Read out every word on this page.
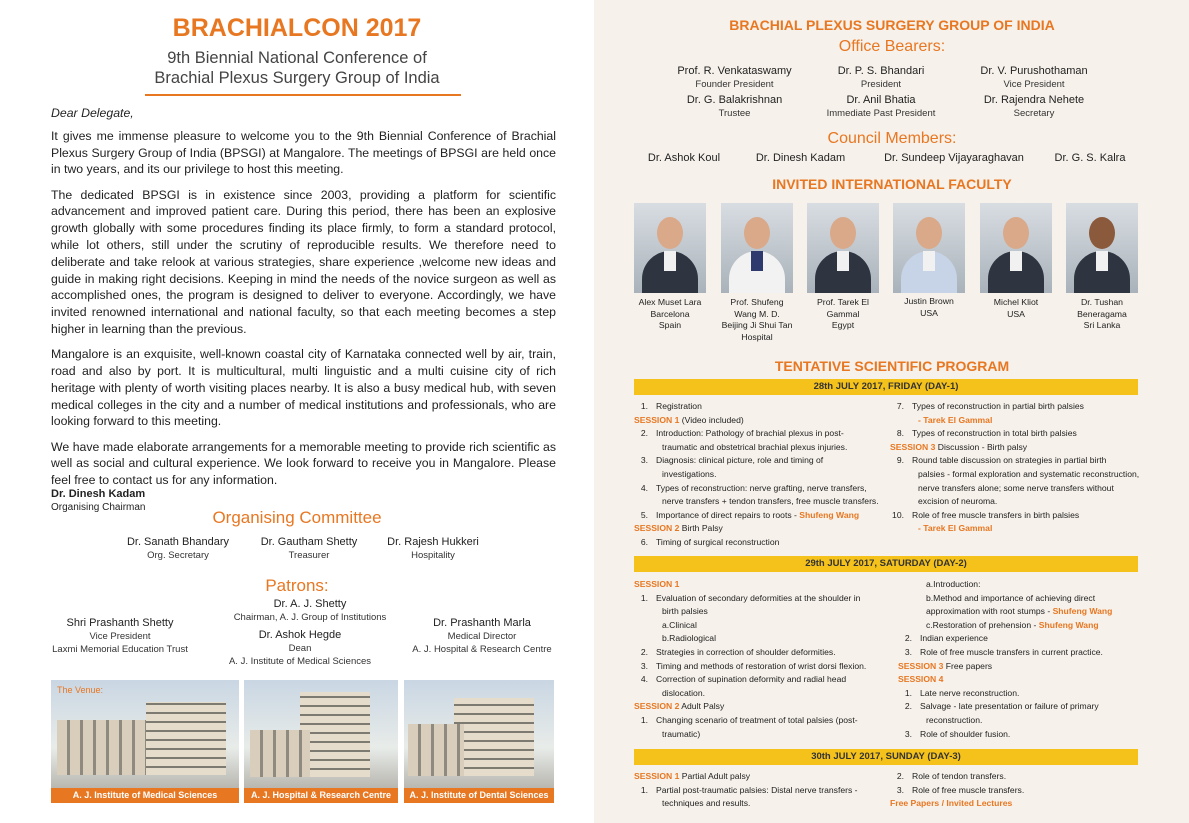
BRACHIALCON 2017
9th Biennial National Conference of
Brachial Plexus Surgery Group of India

Dear Delegate,

It gives me immense pleasure to welcome you to the 9th Biennial Conference of Brachial Plexus Surgery Group of India (BPSGI) at Mangalore. The meetings of BPSGI are held once in two years, and its our privilege to host this meeting.

The dedicated BPSGI is in existence since 2003, providing a platform for scientific advancement and improved patient care. During this period, there has been an explosive growth globally with some procedures finding its place firmly, to form a standard protocol, while lot others, still under the scrutiny of reproducible results. We therefore need to deliberate and take relook at various strategies, share experience ,welcome new ideas and guide in making right decisions. Keeping in mind the needs of the novice surgeon as well as accomplished ones, the program is designed to deliver to everyone. Accordingly, we have invited renowned international and national faculty, so that each meeting becomes a step higher in learning than the previous.

Mangalore is an exquisite, well-known coastal city of Karnataka connected well by air, train, road and also by port. It is multicultural, multi linguistic and a multi cuisine city of rich heritage with plenty of worth visiting places nearby. It is also a busy medical hub, with seven medical colleges in the city and a number of medical institutions and professionals, who are looking forward to this meeting.

We have made elaborate arrangements for a memorable meeting to provide rich scientific as well as social and cultural experience. We look forward to receive you in Mangalore. Please feel free to contact us for any information.

Dr. Dinesh Kadam
Organising Chairman
Organising Committee
Dr. Sanath Bhandary
Org. Secretary
Dr. Gautham Shetty
Treasurer
Dr. Rajesh Hukkeri
Hospitality
Patrons:
Dr. A. J. Shetty
Chairman, A. J. Group of Institutions
Shri Prashanth Shetty
Vice President
Laxmi Memorial Education Trust
Dr. Ashok Hegde
Dean
A. J. Institute of Medical Sciences
Dr. Prashanth Marla
Medical Director
A. J. Hospital & Research Centre
The Venue:
A. J. Institute of Medical Sciences	A. J. Hospital & Research Centre	A. J. Institute of Dental Sciences
BRACHIAL PLEXUS SURGERY GROUP OF INDIA
Office Bearers:
Prof. R. Venkataswamy
Founder President
Dr. P. S. Bhandari
President
Dr. V. Purushothaman
Vice President
Dr. G. Balakrishnan
Trustee
Dr. Anil Bhatia
Immediate Past President
Dr. Rajendra Nehete
Secretary
Council Members:
Dr. Ashok Koul	Dr. Dinesh Kadam	Dr. Sundeep Vijayaraghavan	Dr. G. S. Kalra
INVITED INTERNATIONAL FACULTY
Alex Muset Lara
Barcelona
Spain
Prof. Shufeng
Wang M. D.
Beijing Ji Shui Tan
Hospital
Prof. Tarek El
Gammal
Egypt
Justin Brown
USA
Michel Kliot
USA
Dr. Tushan
Beneragama
Sri Lanka
TENTATIVE SCIENTIFIC PROGRAM
28th JULY 2017, FRIDAY (DAY-1)
1. Registration
SESSION 1 (Video included)
2. Introduction: Pathology of brachial plexus in post-
traumatic and obstetrical brachial plexus injuries.
3. Diagnosis: clinical picture, role and timing of
investigations.
4. Types of reconstruction: nerve grafting, nerve transfers,
nerve transfers + tendon transfers, free muscle transfers.
5. Importance of direct repairs to roots - Shufeng Wang
SESSION 2 Birth Palsy
6. Timing of surgical reconstruction
7. Types of reconstruction in partial birth palsies
- Tarek El Gammal
8. Types of reconstruction in total birth palsies
SESSION 3 Discussion - Birth palsy
9. Round table discussion on strategies in partial birth
palsies - formal exploration and systematic reconstruction,
nerve transfers alone; some nerve transfers without
excision of neuroma.
10. Role of free muscle transfers in birth palsies
- Tarek El Gammal
29th JULY 2017, SATURDAY (DAY-2)
SESSION 1
1. Evaluation of secondary deformities at the shoulder in
birth palsies
a.Clinical
b.Radiological
2. Strategies in correction of shoulder deformities.
3. Timing and methods of restoration of wrist dorsi flexion.
4. Correction of supination deformity and radial head
dislocation.
SESSION 2 Adult Palsy
1. Changing scenario of treatment of total palsies (post-
traumatic)
a.Introduction:
b.Method and importance of achieving direct
approximation with root stumps - Shufeng Wang
c.Restoration of prehension - Shufeng Wang
2. Indian experience
3. Role of free muscle transfers in current practice.
SESSION 3 Free papers
SESSION 4
1. Late nerve reconstruction.
2. Salvage - late presentation or failure of primary
reconstruction.
3. Role of shoulder fusion.
30th JULY 2017, SUNDAY (DAY-3)
SESSION 1 Partial Adult palsy
1. Partial post-traumatic palsies: Distal nerve transfers -
techniques and results.
2. Role of tendon transfers.
3. Role of free muscle transfers.
Free Papers / Invited Lectures
